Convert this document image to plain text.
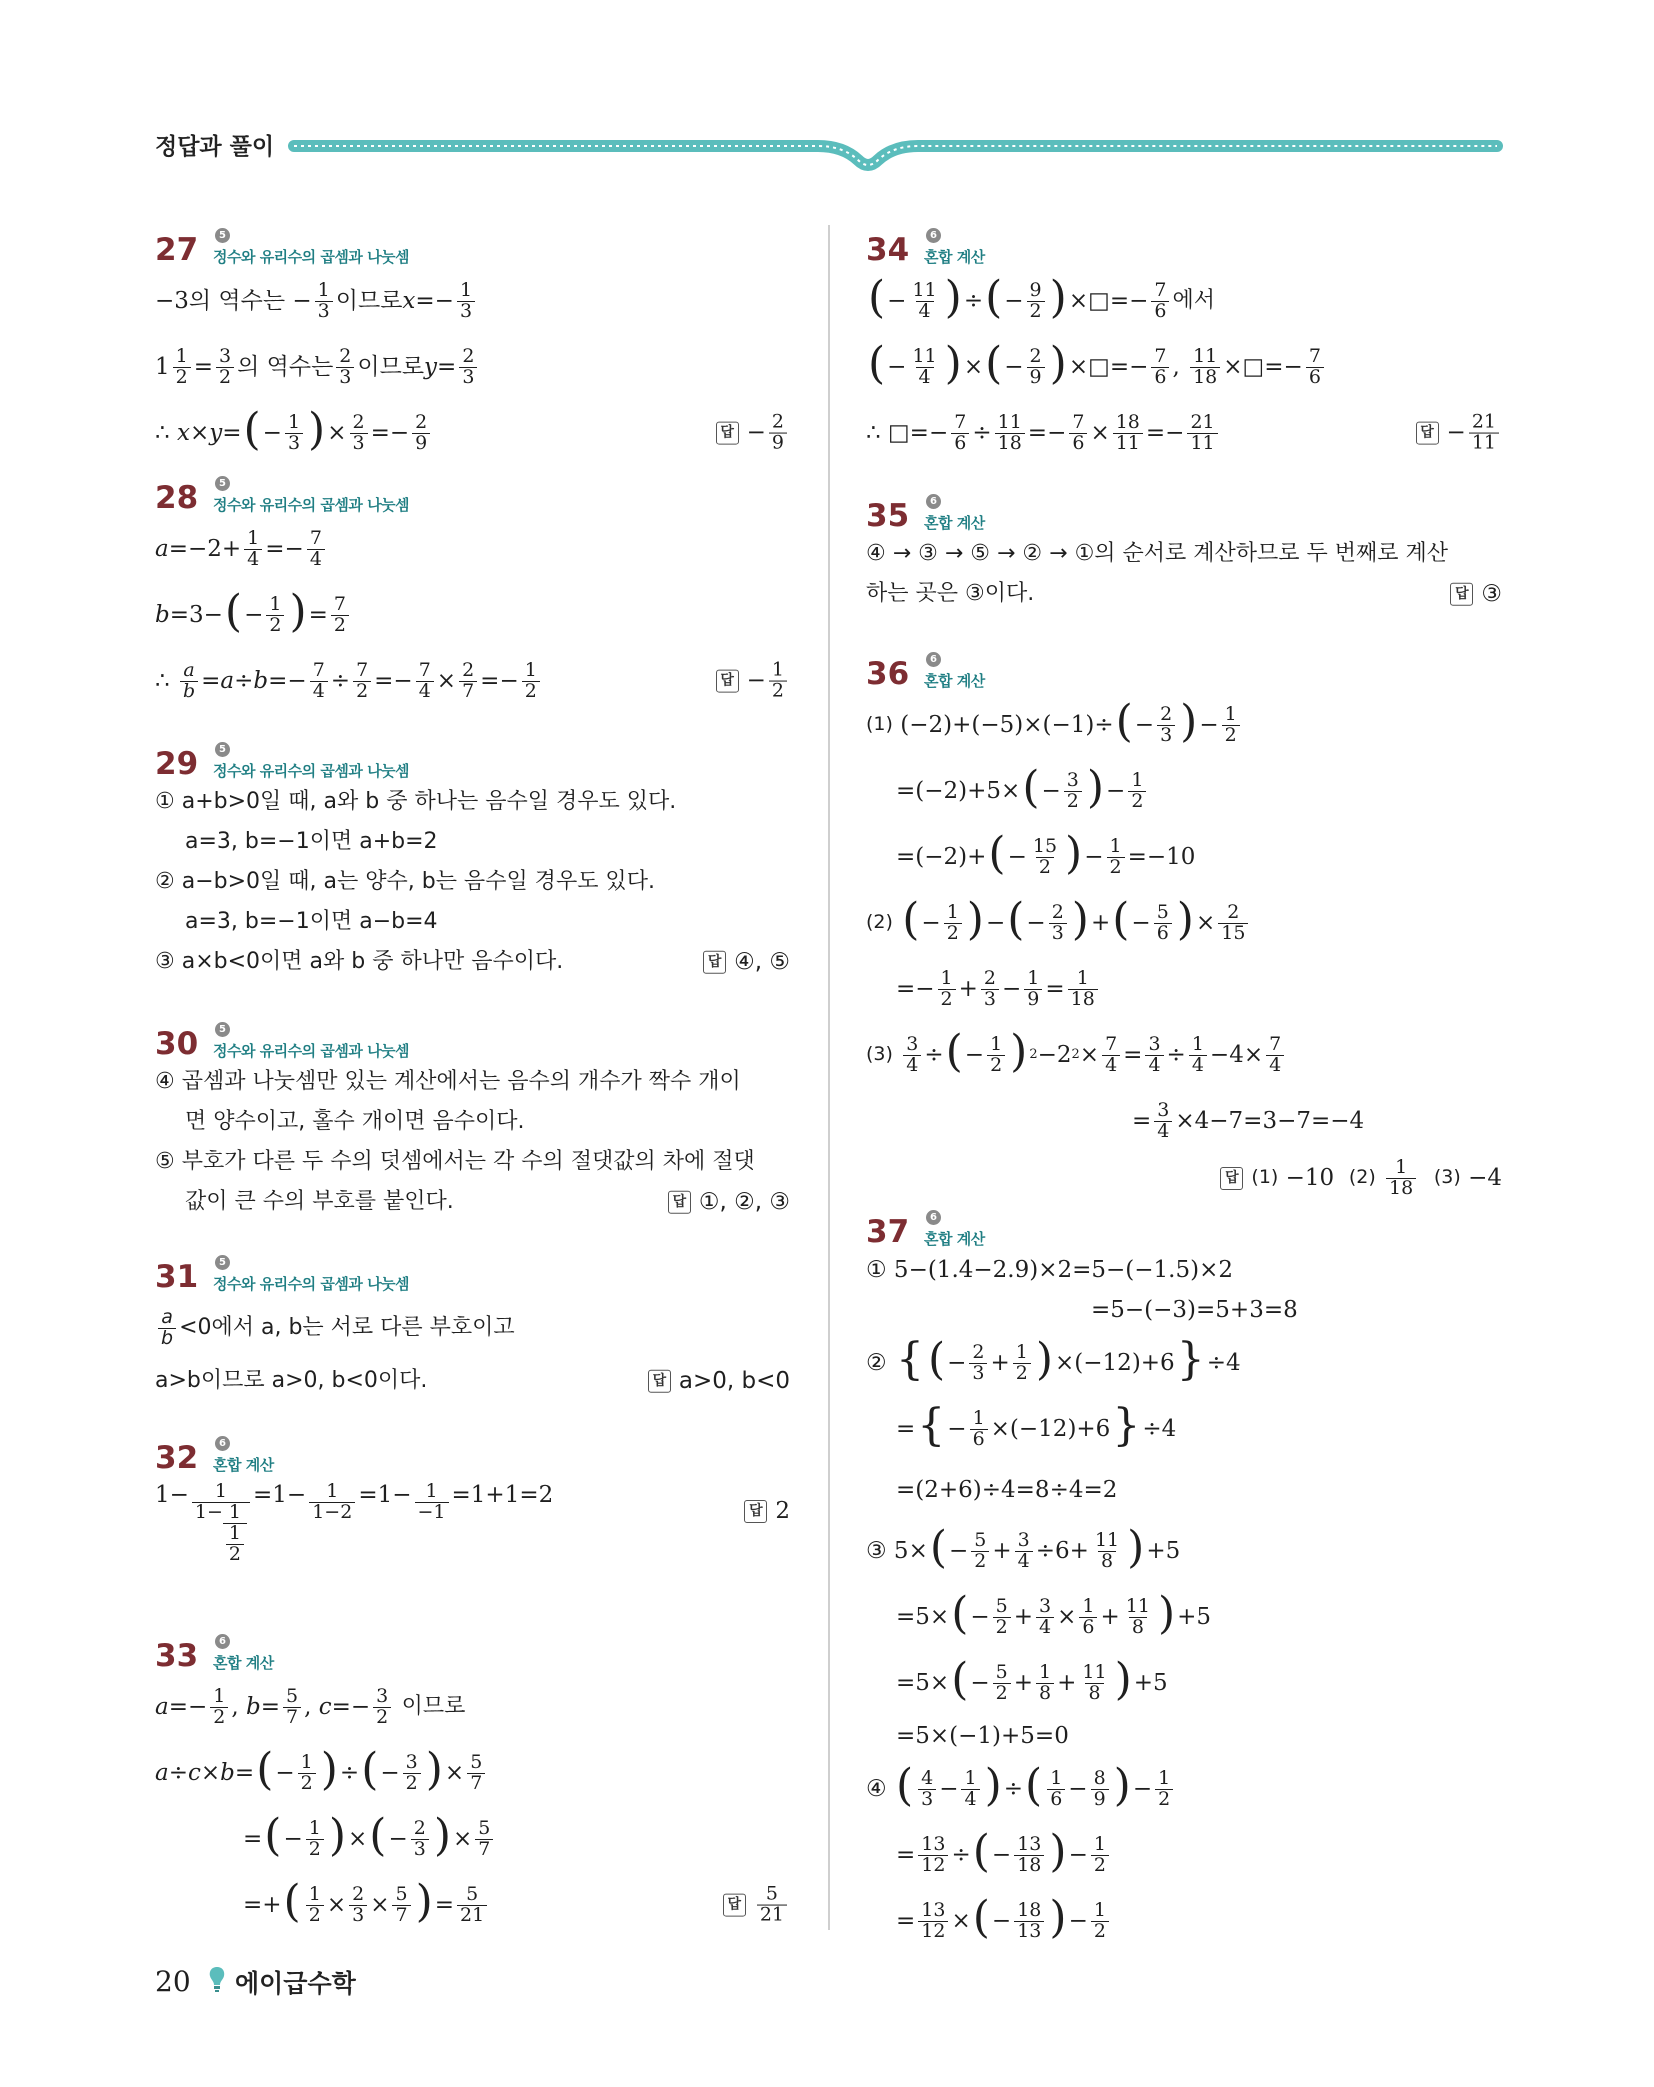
정답과 풀이
27	5
정수와 유리수의 곱셈과 나눗셈
−3의 역수는 − $\frac{1}{3}$ 이므로 $x =- \frac{1}{3}$
$1 \frac{1}{2} = \frac{3}{2}$ 의 역수는 $\frac{2}{3}$ 이므로 $y = \frac{2}{3}$
∴
x × y = ( − $\frac{1}{3}$ ) × $\frac{2}{3} =- \frac{2}{9}$	답 − $\frac{2}{9}$
28	5
정수와 유리수의 곱셈과 나눗셈
$a =-2+ \frac{1}{4} =- \frac{7}{4}$
b =3− ( − $\frac{1}{2}$ ) = $\frac{7}{2}$
∴
$\frac{a}{b} = a \div b =- \frac{7}{4} \div \frac{7}{2} =- \frac{7}{4} \times \frac{2}{7} =- \frac{1}{2}$	답 − $\frac{1}{2}$
29	5
정수와 유리수의 곱셈과 나눗셈
① a+b>0일 때, a와 b 중 하나는 음수일 경우도 있다.
a=3, b=−1이면 a+b=2
② a−b>0일 때, a는 양수, b는 음수일 경우도 있다.
a=3, b=−1이면 a−b=4
③ a×b<0이면 a와 b 중 하나만 음수이다.	답 ④, ⑤
30	5
정수와 유리수의 곱셈과 나눗셈
④ 곱셈과 나눗셈만 있는 계산에서는 음수의 개수가 짝수 개이
면 양수이고, 홀수 개이면 음수이다.
⑤ 부호가 다른 두 수의 덧셈에서는 각 수의 절댓값의 차에 절댓
값이 큰 수의 부호를 붙인다.	답 ①, ②, ③
31	5
정수와 유리수의 곱셈과 나눗셈
$\frac{a}{b} <0$에서 a, b는 서로 다른 부호이고
a>b이므로 a>0, b<0이다.	답 a>0, b<0
32	6
혼합 계산
$1- \frac{1}{1- \frac{1}{\frac{1}{2}}} =1- \frac{1}{1-2} =1- \frac{1}{-1} =1+1=2$
답 2
33	6
혼합 계산
$a =- \frac{1}{2}$ , $b = \frac{5}{7}$ , $c =- \frac{3}{2}$
이므로
a ÷ c × b = ( − $\frac{1}{2}$ ) ÷ ( − $\frac{3}{2}$ ) × $\frac{5}{7}$
= ( − $\frac{1}{2}$ ) × ( − $\frac{2}{3}$ ) × $\frac{5}{7}$
=+ ( $\frac{1}{2} \times \frac{2}{3} \times \frac{5}{7}$ ) = $\frac{5}{21}$	답 $\frac{5}{21}$
34	6
혼합 계산
( − $\frac{11}{4}$ ) ÷ ( − $\frac{9}{2}$ ) ×□=− $\frac{7}{6}$ 에서
( − $\frac{11}{4}$ ) × ( − $\frac{2}{9}$ ) ×□=− $\frac{7}{6}$ , $\frac{11}{18}$ ×□=− $\frac{7}{6}$
∴ □=− $\frac{7}{6} \div \frac{11}{18} =- \frac{7}{6} \times \frac{18}{11} =- \frac{21}{11}$	답 − $\frac{21}{11}$
35	6
혼합 계산
④ → ③ → ⑤ → ② → ①의 순서로 계산하므로 두 번째로 계산
하는 곳은 ③이다.	답 ③
36	6
혼합 계산
(1) (−2)+(−5)×(−1)÷ ( − $\frac{2}{3}$ ) − $\frac{1}{2}$
=(−2)+5× ( − $\frac{3}{2}$ ) − $\frac{1}{2}$
=(−2)+ ( − $\frac{15}{2}$ ) − $\frac{1}{2} =-10$
(2)
( − $\frac{1}{2}$ ) − ( − $\frac{2}{3}$ ) + ( − $\frac{5}{6}$ ) × $\frac{2}{15}$
=− $\frac{1}{2} + \frac{2}{3} - \frac{1}{9} = \frac{1}{18}$
(3)
$\frac{3}{4}$ ÷ ( − $\frac{1}{2}$ ) 2 −2 $2 \times \frac{7}{4} = \frac{3}{4} \div \frac{1}{4} -4\times \frac{7}{4}$
= $\frac{3}{4} \times 4-7=3-7=-4$
답 (1) −10 (2)
$\frac{1}{18}$
(3) −4
37	6
혼합 계산
① 5−(1.4−2.9)×2=5−(−1.5)×2
=5−(−3)=5+3=8
② { ( − $\frac{2}{3} + \frac{1}{2}$ ) ×(−12)+6 } ÷4
= { − $\frac{1}{6} \times(-12)+6$ } ÷4
=(2+6)÷4=8÷4=2
③ 5× ( − $\frac{5}{2} + \frac{3}{4} \div 6+ \frac{11}{8}$ ) +5
=5× ( − $\frac{5}{2} + \frac{3}{4} \times \frac{1}{6} + \frac{11}{8}$ ) +5
=5× ( − $\frac{5}{2} + \frac{1}{8} + \frac{11}{8}$ ) +5
=5×(−1)+5=0
④ ( $\frac{4}{3} - \frac{1}{4}$ ) ÷ ( $\frac{1}{6} - \frac{8}{9}$ ) − $\frac{1}{2}$
= $\frac{13}{12}$ ÷ ( − $\frac{13}{18}$ ) − $\frac{1}{2}$
= $\frac{13}{12}$ × ( − $\frac{18}{13}$ ) − $\frac{1}{2}$
20 에이급수학
